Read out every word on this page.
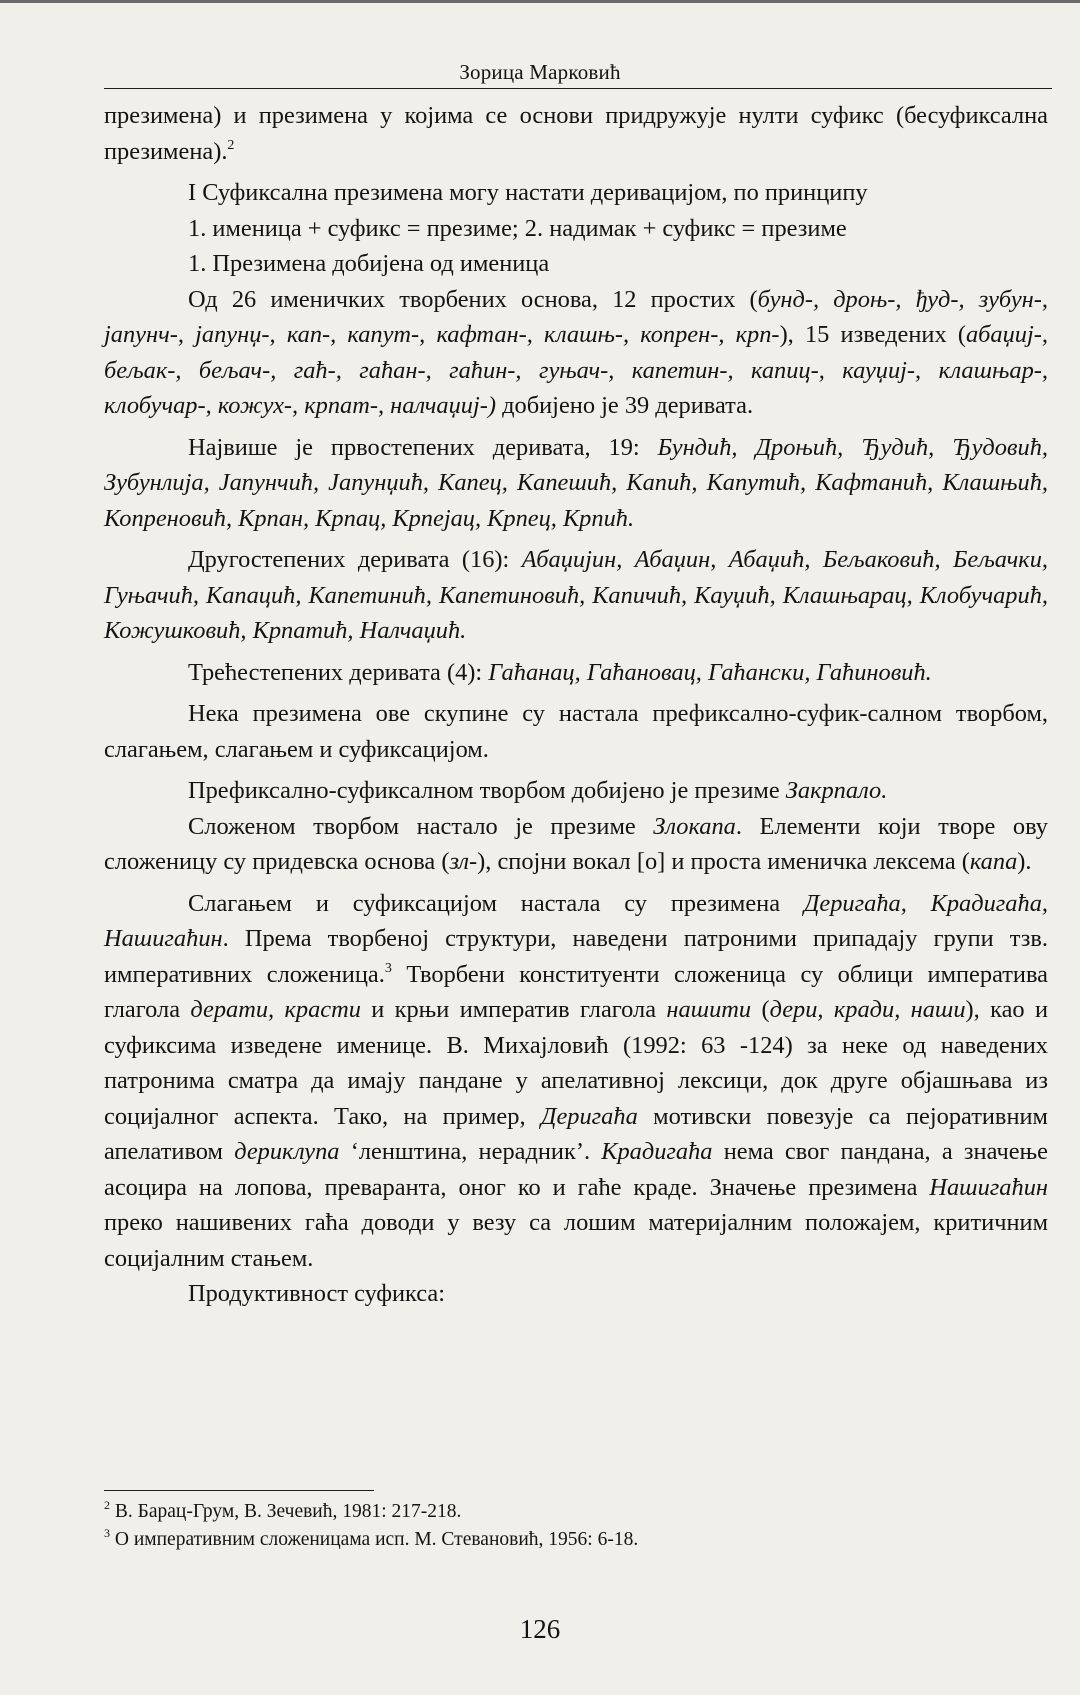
Зорица Марковић

презимена) и презимена у којима се основи придружује нулти суфикс (бесуфиксална презимена).$^2$

I Суфиксална презимена могу настати деривацијом, по принципу

1. именица + суфикс = презиме; 2. надимак + суфикс = презиме

1. Презимена добијена од именица

Од 26 именичких творбених основа, 12 простих (бунд-, дроњ-, ђуд-, зубун-, јапунч-, јапунџ-, кап-, капут-, кафтан-, клашњ-, копрен-, крп-), 15 изведених (абаџиј-, бељак-, бељач-, гаћ-, гаћан-, гаћин-, гуњач-, капетин-, капиц-, кауџиј-, клашњар-, клобучар-, кожух-, крпат-, налчаџиј-) добијено је 39 деривата.

Највише је првостепених деривата, 19: Бундић, Дроњић, Ђудић, Ђудовић, Зубунлија, Јапунчић, Јапунџић, Капец, Капешић, Капић, Капутић, Кафтанић, Клашњић, Копреновић, Крпан, Крпац, Крпејац, Крпец, Крпић.

Другостепених деривата (16): Абаџијин, Абаџин, Абаџић, Бељаковић, Бељачки, Гуњачић, Капацић, Капетинић, Капетиновић, Капичић, Кауџић, Клашњарац, Клобучарић, Кожушковић, Крпатић, Налчаџић.

Трећестепених деривата (4): Гаћанац, Гаћановац, Гаћански, Гаћиновић.

Нека презимена ове скупине су настала префиксално-суфик-салном творбом, слагањем, слагањем и суфиксацијом.

Префиксално-суфиксалном творбом добијено је презиме Закрпало.

Сложеном творбом настало је презиме Злокапа. Елементи који творе ову сложеницу су придевска основа (зл-), спојни вокал [о] и проста именичка лексема (капа).

Слагањем и суфиксацијом настала су презимена Деригаћа, Крадигаћа, Нашигаћин. Према творбеној структури, наведени патроними припадају групи тзв. императивних сложеница.$^3$ Творбени конституенти сложеница су облици императива глагола дерати, красти и крњи императив глагола нашити (дери, кради, наши), као и суфиксима изведене именице. В. Михајловић (1992: 63 -124) за неке од наведених патронима сматра да имају пандане у апелативној лексици, док друге објашњава из социјалног аспекта. Тако, на пример, Деригаћа мотивски повезује са пејоративним апелативом дериклупа ‘ленштина, нерадник’. Крадигаћа нема свог пандана, а значење асоцира на лопова, преваранта, оног ко и гаће краде. Значење презимена Нашигаћин преко нашивених гаћа доводи у везу са лошим материјалним положајем, критичним социјалним стањем.

Продуктивност суфикса:

$^2$ В. Барац-Грум, В. Зечевић, 1981: 217-218.

$^3$ О императивним сложеницама исп. М. Стевановић, 1956: 6-18.

126
